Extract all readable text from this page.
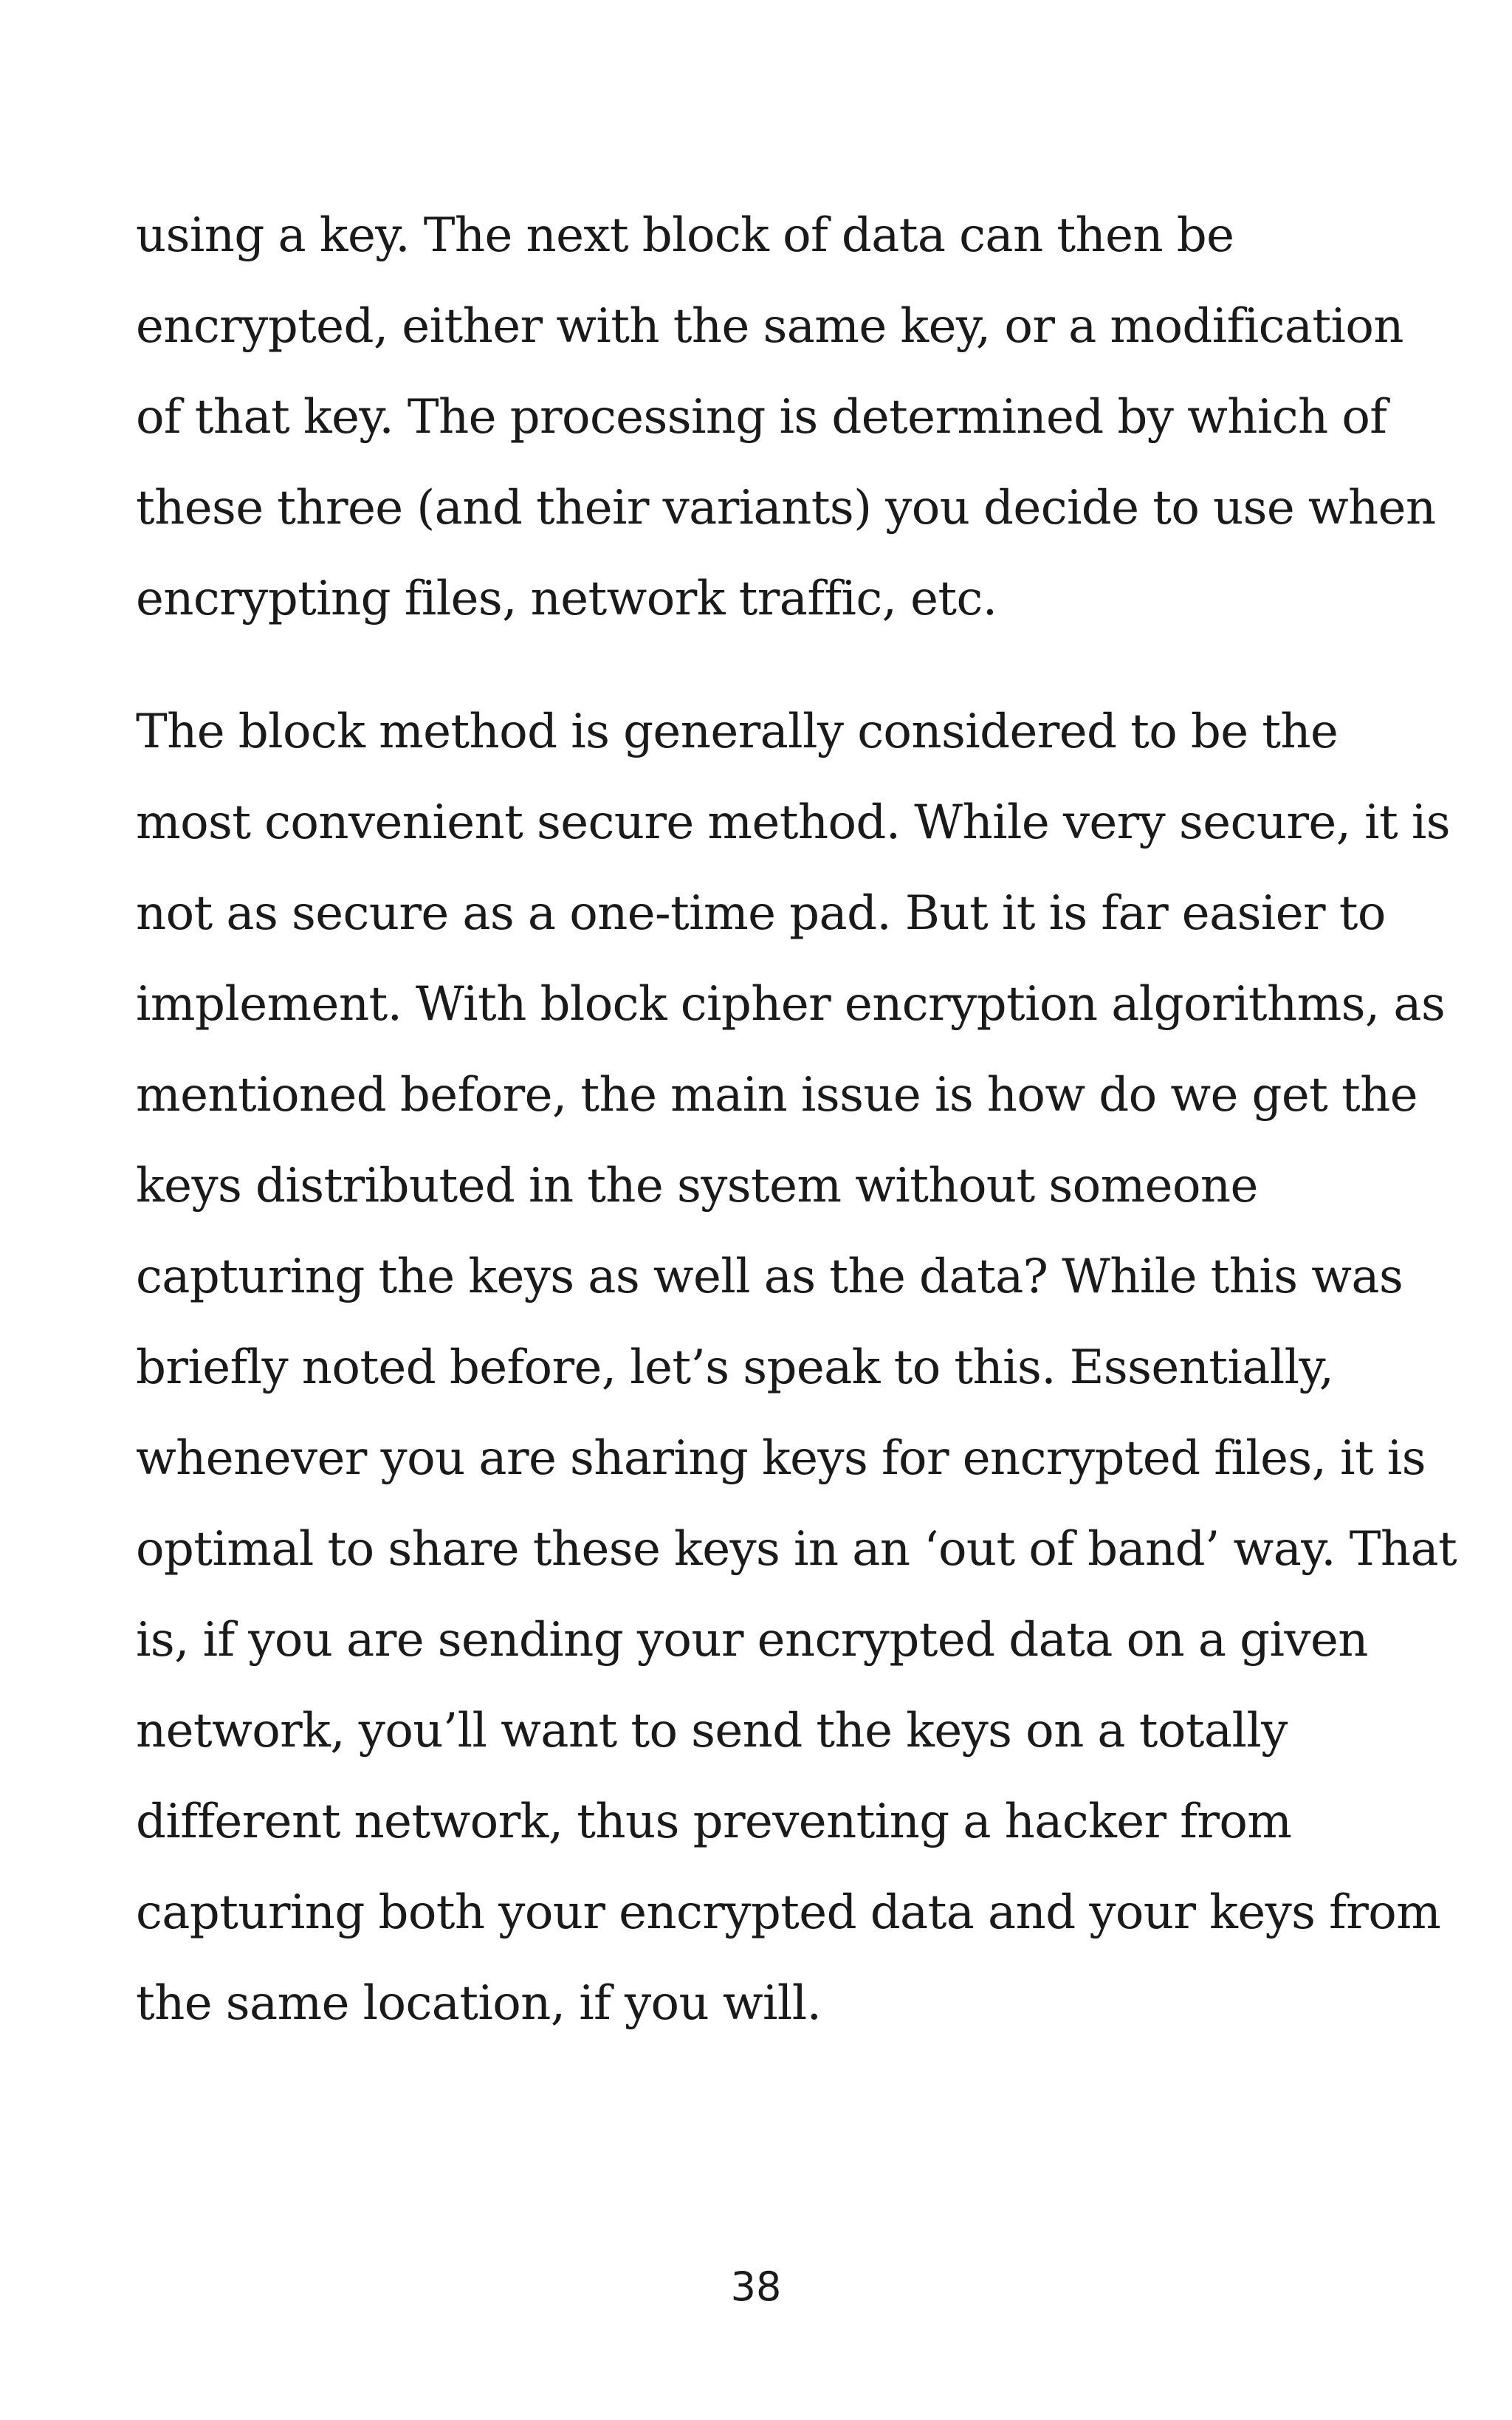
using a key. The next block of data can then be
encrypted, either with the same key, or a modification
of that key. The processing is determined by which of
these three (and their variants) you decide to use when
encrypting files, network traffic, etc.

The block method is generally considered to be the
most convenient secure method. While very secure, it is
not as secure as a one-time pad. But it is far easier to
implement. With block cipher encryption algorithms, as
mentioned before, the main issue is how do we get the
keys distributed in the system without someone
capturing the keys as well as the data? While this was
briefly noted before, let’s speak to this. Essentially,
whenever you are sharing keys for encrypted files, it is
optimal to share these keys in an ‘out of band’ way. That
is, if you are sending your encrypted data on a given
network, you’ll want to send the keys on a totally
different network, thus preventing a hacker from
capturing both your encrypted data and your keys from
the same location, if you will.

38
